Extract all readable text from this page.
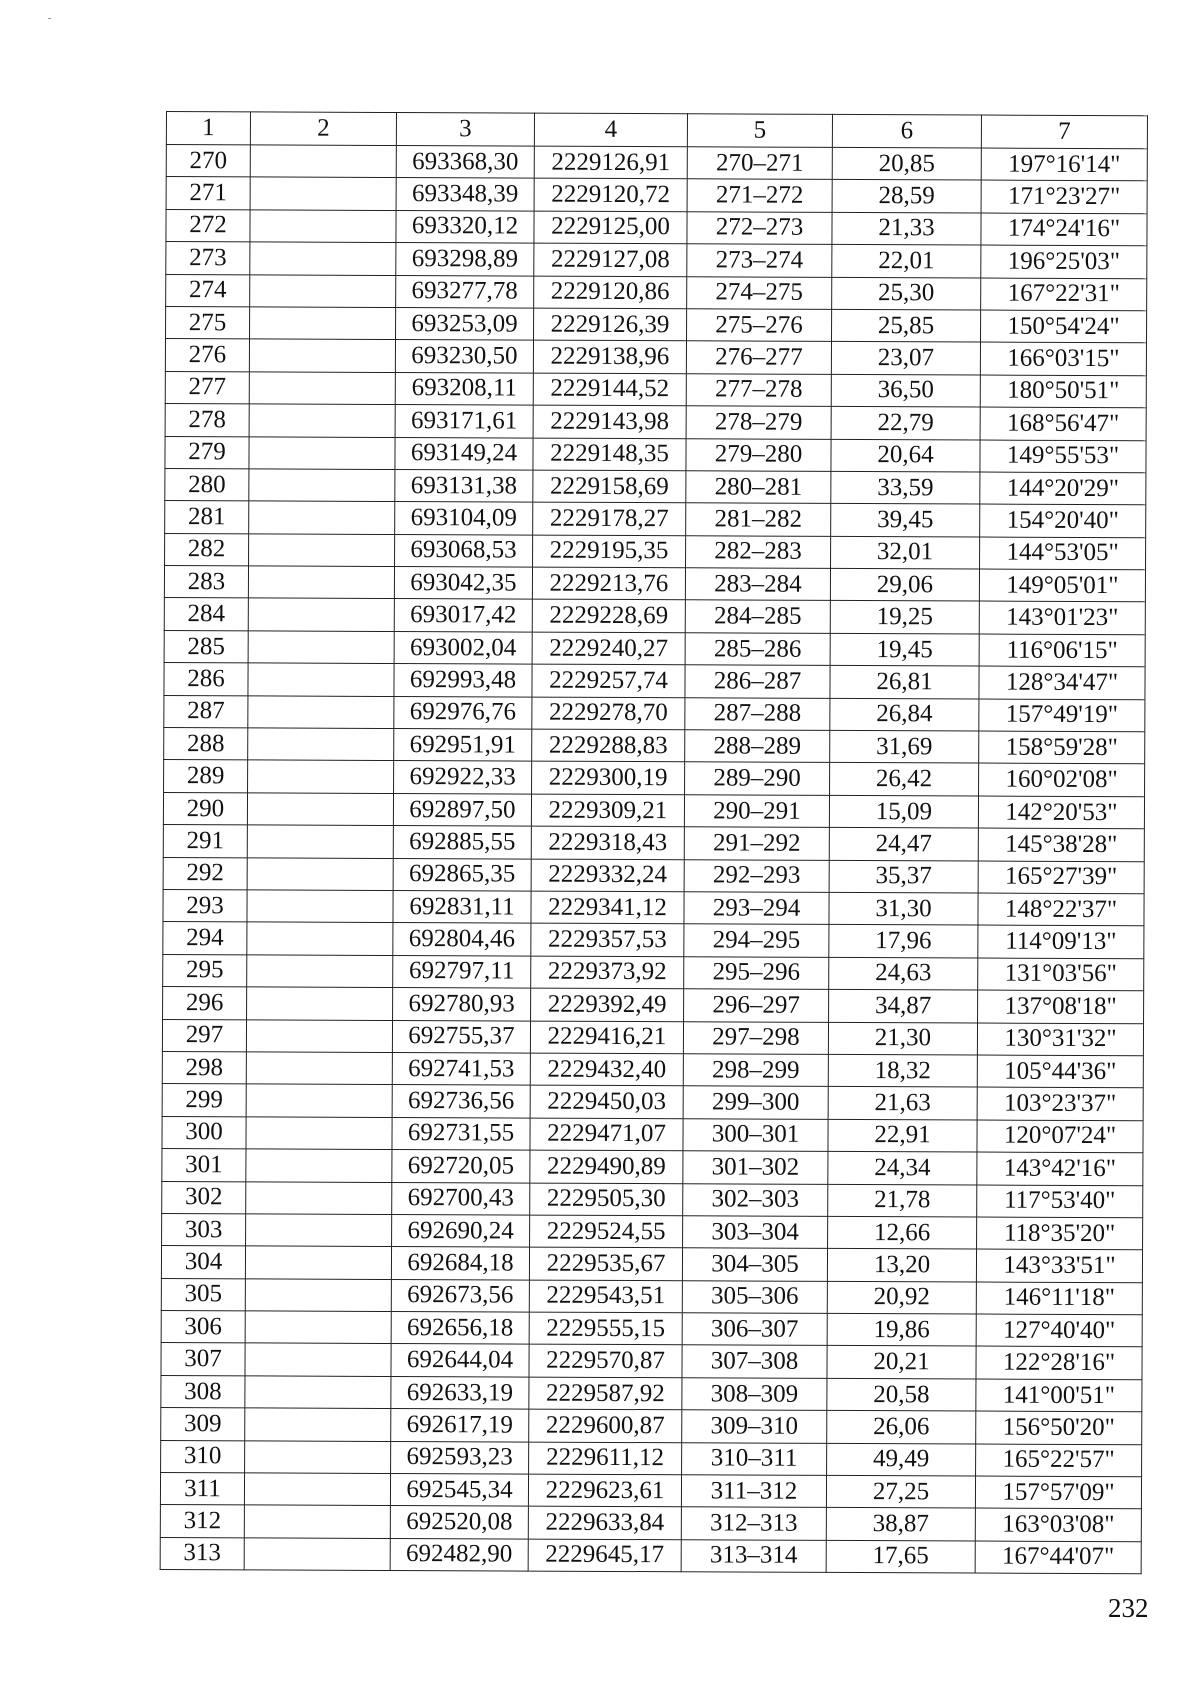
1	2	3	4	5	6	7
270		693368,30	2229126,91	270–271	20,85	197°16'14"
271		693348,39	2229120,72	271–272	28,59	171°23'27"
272		693320,12	2229125,00	272–273	21,33	174°24'16"
273		693298,89	2229127,08	273–274	22,01	196°25'03"
274		693277,78	2229120,86	274–275	25,30	167°22'31"
275		693253,09	2229126,39	275–276	25,85	150°54'24"
276		693230,50	2229138,96	276–277	23,07	166°03'15"
277		693208,11	2229144,52	277–278	36,50	180°50'51"
278		693171,61	2229143,98	278–279	22,79	168°56'47"
279		693149,24	2229148,35	279–280	20,64	149°55'53"
280		693131,38	2229158,69	280–281	33,59	144°20'29"
281		693104,09	2229178,27	281–282	39,45	154°20'40"
282		693068,53	2229195,35	282–283	32,01	144°53'05"
283		693042,35	2229213,76	283–284	29,06	149°05'01"
284		693017,42	2229228,69	284–285	19,25	143°01'23"
285		693002,04	2229240,27	285–286	19,45	116°06'15"
286		692993,48	2229257,74	286–287	26,81	128°34'47"
287		692976,76	2229278,70	287–288	26,84	157°49'19"
288		692951,91	2229288,83	288–289	31,69	158°59'28"
289		692922,33	2229300,19	289–290	26,42	160°02'08"
290		692897,50	2229309,21	290–291	15,09	142°20'53"
291		692885,55	2229318,43	291–292	24,47	145°38'28"
292		692865,35	2229332,24	292–293	35,37	165°27'39"
293		692831,11	2229341,12	293–294	31,30	148°22'37"
294		692804,46	2229357,53	294–295	17,96	114°09'13"
295		692797,11	2229373,92	295–296	24,63	131°03'56"
296		692780,93	2229392,49	296–297	34,87	137°08'18"
297		692755,37	2229416,21	297–298	21,30	130°31'32"
298		692741,53	2229432,40	298–299	18,32	105°44'36"
299		692736,56	2229450,03	299–300	21,63	103°23'37"
300		692731,55	2229471,07	300–301	22,91	120°07'24"
301		692720,05	2229490,89	301–302	24,34	143°42'16"
302		692700,43	2229505,30	302–303	21,78	117°53'40"
303		692690,24	2229524,55	303–304	12,66	118°35'20"
304		692684,18	2229535,67	304–305	13,20	143°33'51"
305		692673,56	2229543,51	305–306	20,92	146°11'18"
306		692656,18	2229555,15	306–307	19,86	127°40'40"
307		692644,04	2229570,87	307–308	20,21	122°28'16"
308		692633,19	2229587,92	308–309	20,58	141°00'51"
309		692617,19	2229600,87	309–310	26,06	156°50'20"
310		692593,23	2229611,12	310–311	49,49	165°22'57"
311		692545,34	2229623,61	311–312	27,25	157°57'09"
312		692520,08	2229633,84	312–313	38,87	163°03'08"
313		692482,90	2229645,17	313–314	17,65	167°44'07"
232
